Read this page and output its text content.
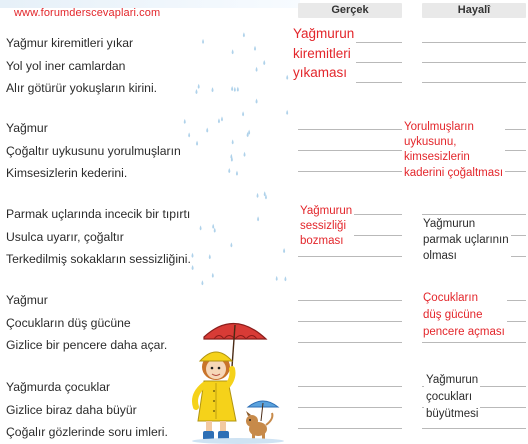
www.forumderscevaplari.com
Yağmur kiremitleri yıkar
Yol yol iner camlardan
Alır götürür yokuşların kirini.
Yağmur
Çoğaltır uykusunu yorulmuşların
Kimsesizlerin kederini.
Parmak uçlarında incecik bir tıpırtı
Usulca uyarır, çoğaltır
Terkedilmiş sokakların sessizliğini.
Yağmur
Çocukların düş gücüne
Gizlice bir pencere daha açar.
Yağmurda çocuklar
Gizlice biraz daha büyür
Çoğalır gözlerinde soru imleri.
Gerçek	Hayalî
Yağmurun
kiremitleri
yıkaması
Yorulmuşların
uykusunu,
kimsesizlerin
kaderini çoğaltması
Yağmurun
sessizliği
bozması
Yağmurun
parmak uçlarının
olması
Çocukların
düş gücüne
pencere açması
Yağmurun
çocukları
büyütmesi
